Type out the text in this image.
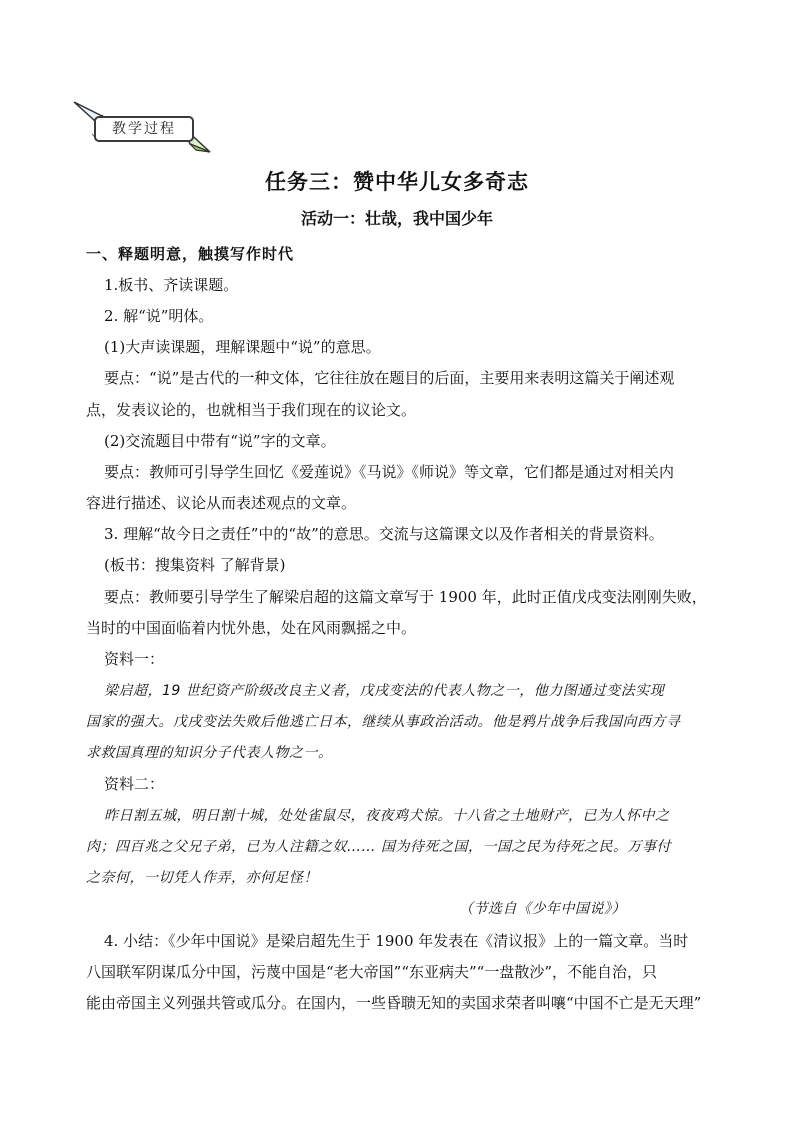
教学过程
任务三：赞中华儿女多奇志
活动一：壮哉，我中国少年
一、释题明意，触摸写作时代
1.板书、齐读课题。
2. 解“说”明体。
(1)大声读课题，理解课题中“说”的意思。
要点：“说”是古代的一种文体，它往往放在题目的后面，主要用来表明这篇关于阐述观
点，发表议论的，也就相当于我们现在的议论文。
(2)交流题目中带有“说”字的文章。
要点：教师可引导学生回忆《爱莲说》《马说》《师说》等文章，它们都是通过对相关内
容进行描述、议论从而表述观点的文章。
3. 理解“故今日之责任”中的“故”的意思。交流与这篇课文以及作者相关的背景资料。
(板书：搜集资料 了解背景)
要点：教师要引导学生了解梁启超的这篇文章写于 1900 年，此时正值戊戌变法刚刚失败，
当时的中国面临着内忧外患，处在风雨飘摇之中。
资料一：
梁启超，19 世纪资产阶级改良主义者，戊戌变法的代表人物之一，他力图通过变法实现
国家的强大。戊戌变法失败后他逃亡日本，继续从事政治活动。他是鸦片战争后我国向西方寻
求救国真理的知识分子代表人物之一。
资料二：
昨日割五城，明日割十城，处处雀鼠尽，夜夜鸡犬惊。十八省之土地财产，已为人怀中之
肉；四百兆之父兄子弟，已为人注籍之奴…… 国为待死之国，一国之民为待死之民。万事付
之奈何，一切凭人作弄，亦何足怪！
（节选自《少年中国说》）
4. 小结：《少年中国说》是梁启超先生于 1900 年发表在《清议报》上的一篇文章。当时
八国联军阴谋瓜分中国，污蔑中国是“老大帝国”“东亚病夫”“一盘散沙”，不能自治，只
能由帝国主义列强共管或瓜分。在国内，一些昏聩无知的卖国求荣者叫嚷“中国不亡是无天理”
